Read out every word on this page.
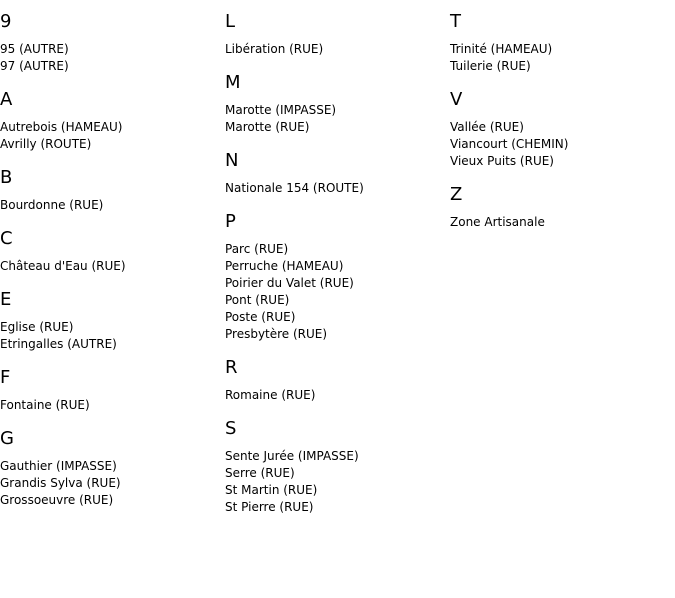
9
95 (AUTRE)
97 (AUTRE)
A
Autrebois (HAMEAU)
Avrilly (ROUTE)
B
Bourdonne (RUE)
C
Château d'Eau (RUE)
E
Eglise (RUE)
Etringalles (AUTRE)
F
Fontaine (RUE)
G
Gauthier (IMPASSE)
Grandis Sylva (RUE)
Grossoeuvre (RUE)
L
Libération (RUE)
M
Marotte (IMPASSE)
Marotte (RUE)
N
Nationale 154 (ROUTE)
P
Parc (RUE)
Perruche (HAMEAU)
Poirier du Valet (RUE)
Pont (RUE)
Poste (RUE)
Presbytère (RUE)
R
Romaine (RUE)
S
Sente Jurée (IMPASSE)
Serre (RUE)
St Martin (RUE)
St Pierre (RUE)
T
Trinité (HAMEAU)
Tuilerie (RUE)
V
Vallée (RUE)
Viancourt (CHEMIN)
Vieux Puits (RUE)
Z
Zone Artisanale
